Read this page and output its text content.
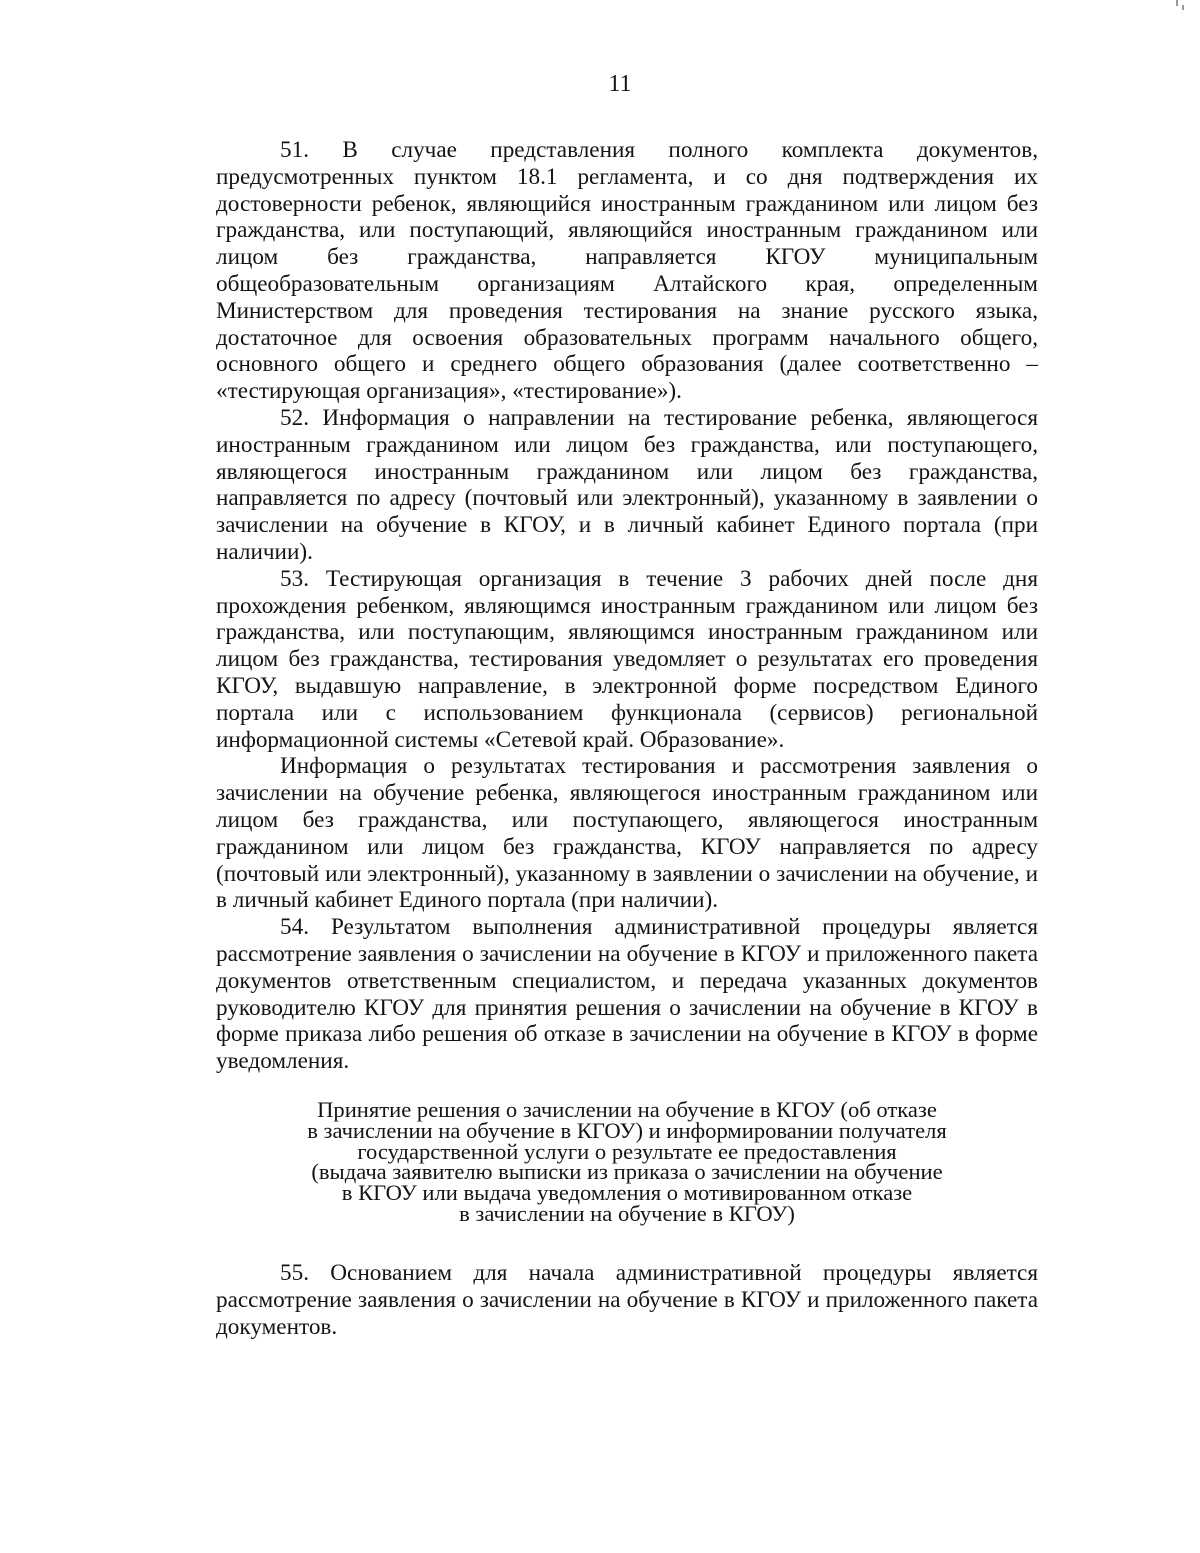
11

51. В случае представления полного комплекта документов, предусмотренных пунктом 18.1 регламента, и со дня подтверждения их достоверности ребенок, являющийся иностранным гражданином или лицом без гражданства, или поступающий, являющийся иностранным гражданином или лицом без гражданства, направляется КГОУ муниципальным общеобразовательным организациям Алтайского края, определенным Министерством для проведения тестирования на знание русского языка, достаточное для освоения образовательных программ начального общего, основного общего и среднего общего образования (далее соответственно – «тестирующая организация», «тестирование»).

52. Информация о направлении на тестирование ребенка, являющегося иностранным гражданином или лицом без гражданства, или поступающего, являющегося иностранным гражданином или лицом без гражданства, направляется по адресу (почтовый или электронный), указанному в заявлении о зачислении на обучение в КГОУ, и в личный кабинет Единого портала (при наличии).

53. Тестирующая организация в течение 3 рабочих дней после дня прохождения ребенком, являющимся иностранным гражданином или лицом без гражданства, или поступающим, являющимся иностранным гражданином или лицом без гражданства, тестирования уведомляет о результатах его проведения КГОУ, выдавшую направление, в электронной форме посредством Единого портала или с использованием функционала (сервисов) региональной информационной системы «Сетевой край. Образование».

Информация о результатах тестирования и рассмотрения заявления о зачислении на обучение ребенка, являющегося иностранным гражданином или лицом без гражданства, или поступающего, являющегося иностранным гражданином или лицом без гражданства, КГОУ направляется по адресу (почтовый или электронный), указанному в заявлении о зачислении на обучение, и в личный кабинет Единого портала (при наличии).

54. Результатом выполнения административной процедуры является рассмотрение заявления о зачислении на обучение в КГОУ и приложенного пакета документов ответственным специалистом, и передача указанных документов руководителю КГОУ для принятия решения о зачислении на обучение в КГОУ в форме приказа либо решения об отказе в зачислении на обучение в КГОУ в форме уведомления.

Принятие решения о зачислении на обучение в КГОУ (об отказе
в зачислении на обучение в КГОУ) и информировании получателя
государственной услуги о результате ее предоставления
(выдача заявителю выписки из приказа о зачислении на обучение
в КГОУ или выдача уведомления о мотивированном отказе
в зачислении на обучение в КГОУ)

55. Основанием для начала административной процедуры является рассмотрение заявления о зачислении на обучение в КГОУ и приложенного пакета документов.
